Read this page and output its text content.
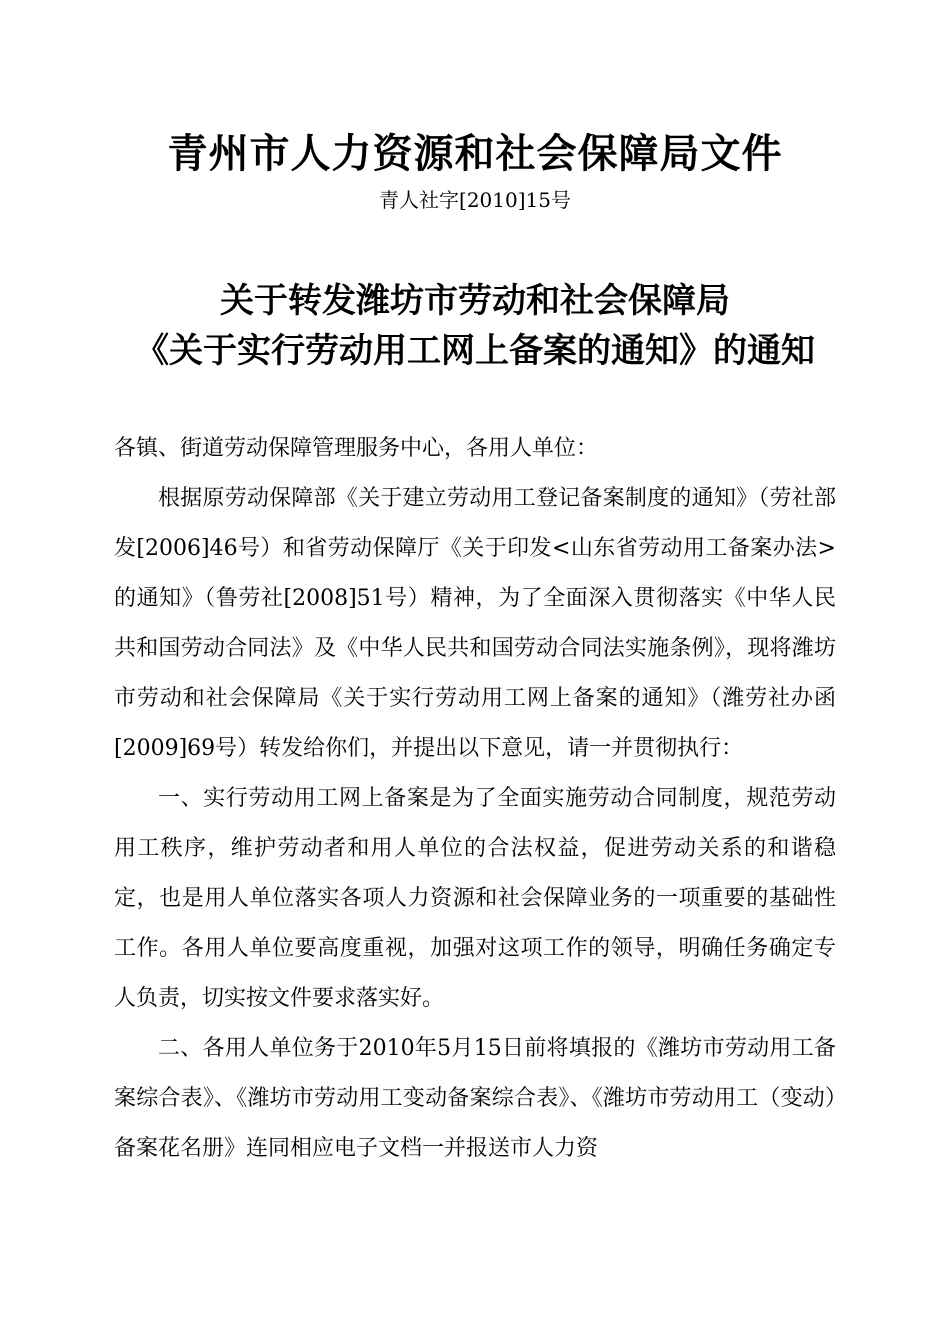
青州市人力资源和社会保障局文件
青人社字[2010]15号
关于转发潍坊市劳动和社会保障局
《关于实行劳动用工网上备案的通知》的通知

各镇、街道劳动保障管理服务中心，各用人单位：

根据原劳动保障部《关于建立劳动用工登记备案制度的通知》（劳社部发[2006]46号）和省劳动保障厅《关于印发<山东省劳动用工备案办法>的通知》（鲁劳社[2008]51号）精神，为了全面深入贯彻落实《中华人民共和国劳动合同法》及《中华人民共和国劳动合同法实施条例》，现将潍坊市劳动和社会保障局《关于实行劳动用工网上备案的通知》（潍劳社办函[2009]69号）转发给你们，并提出以下意见，请一并贯彻执行：

一、实行劳动用工网上备案是为了全面实施劳动合同制度，规范劳动用工秩序，维护劳动者和用人单位的合法权益，促进劳动关系的和谐稳定，也是用人单位落实各项人力资源和社会保障业务的一项重要的基础性工作。各用人单位要高度重视，加强对这项工作的领导，明确任务确定专人负责，切实按文件要求落实好。

二、各用人单位务于2010年5月15日前将填报的《潍坊市劳动用工备案综合表》、《潍坊市劳动用工变动备案综合表》、《潍坊市劳动用工（变动）备案花名册》连同相应电子文档一并报送市人力资
